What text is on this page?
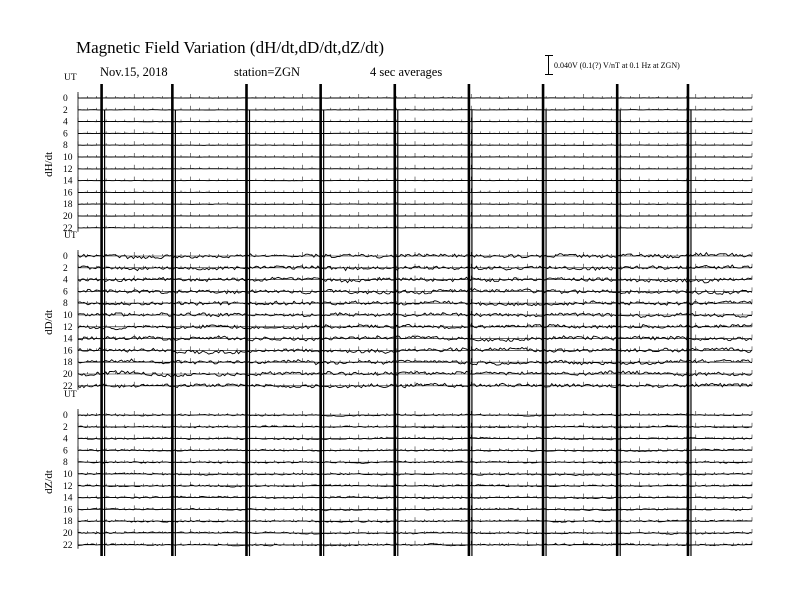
Magnetic Field Variation (dH/dt,dD/dt,dZ/dt)
Nov.15, 2018	station=ZGN	4 sec averages	0.040V (0.1(?) V/nT at 0.1 Hz at ZGN)
UT
dH/dt
0
2
4
6
8
10
12
14
16
18
20
22
UT
dD/dt
0
2
4
6
8
10
12
14
16
18
20
22
UT
dZ/dt
0
2
4
6
8
10
12
14
16
18
20
22
